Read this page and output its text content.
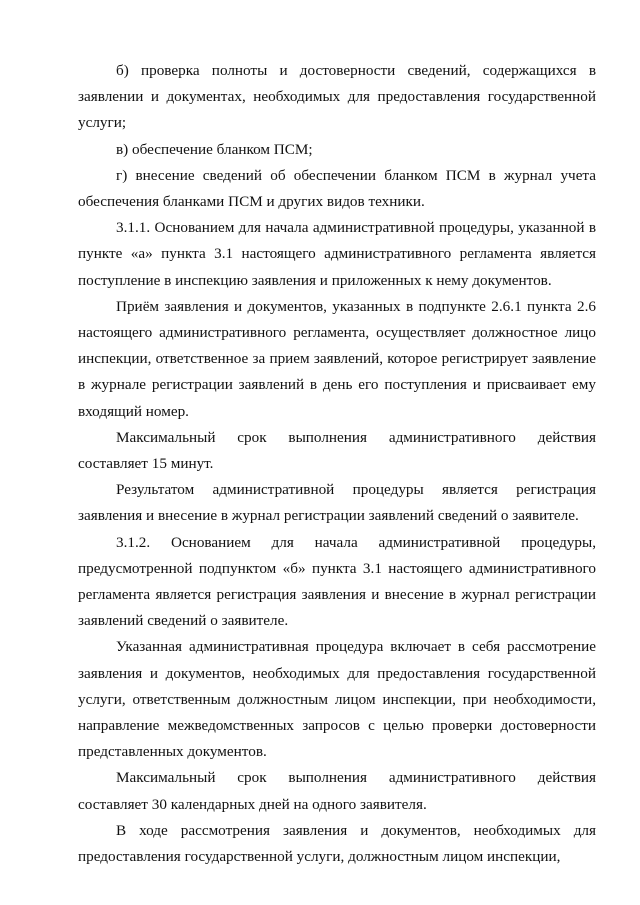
б) проверка полноты и достоверности сведений, содержащихся в заявлении и документах, необходимых для предоставления государственной услуги;

в) обеспечение бланком ПСМ;

г) внесение сведений об обеспечении бланком ПСМ в журнал учета обеспечения бланками ПСМ и других видов техники.

3.1.1. Основанием для начала административной процедуры, указанной в пункте «а» пункта 3.1 настоящего административного регламента является поступление в инспекцию заявления и приложенных к нему документов.

Приём заявления и документов, указанных в подпункте 2.6.1 пункта 2.6 настоящего административного регламента, осуществляет должностное лицо инспекции, ответственное за прием заявлений, которое регистрирует заявление в журнале регистрации заявлений в день его поступления и присваивает ему входящий номер.

Максимальный срок выполнения административного действия составляет 15 минут.

Результатом административной процедуры является регистрация заявления и внесение в журнал регистрации заявлений сведений о заявителе.

3.1.2. Основанием для начала административной процедуры, предусмотренной подпунктом «б» пункта 3.1 настоящего административного регламента является регистрация заявления и внесение в журнал регистрации заявлений сведений о заявителе.

Указанная административная процедура включает в себя рассмотрение заявления и документов, необходимых для предоставления государственной услуги, ответственным должностным лицом инспекции, при необходимости, направление межведомственных запросов с целью проверки достоверности представленных документов.

Максимальный срок выполнения административного действия составляет 30 календарных дней на одного заявителя.

В ходе рассмотрения заявления и документов, необходимых для предоставления государственной услуги, должностным лицом инспекции,
